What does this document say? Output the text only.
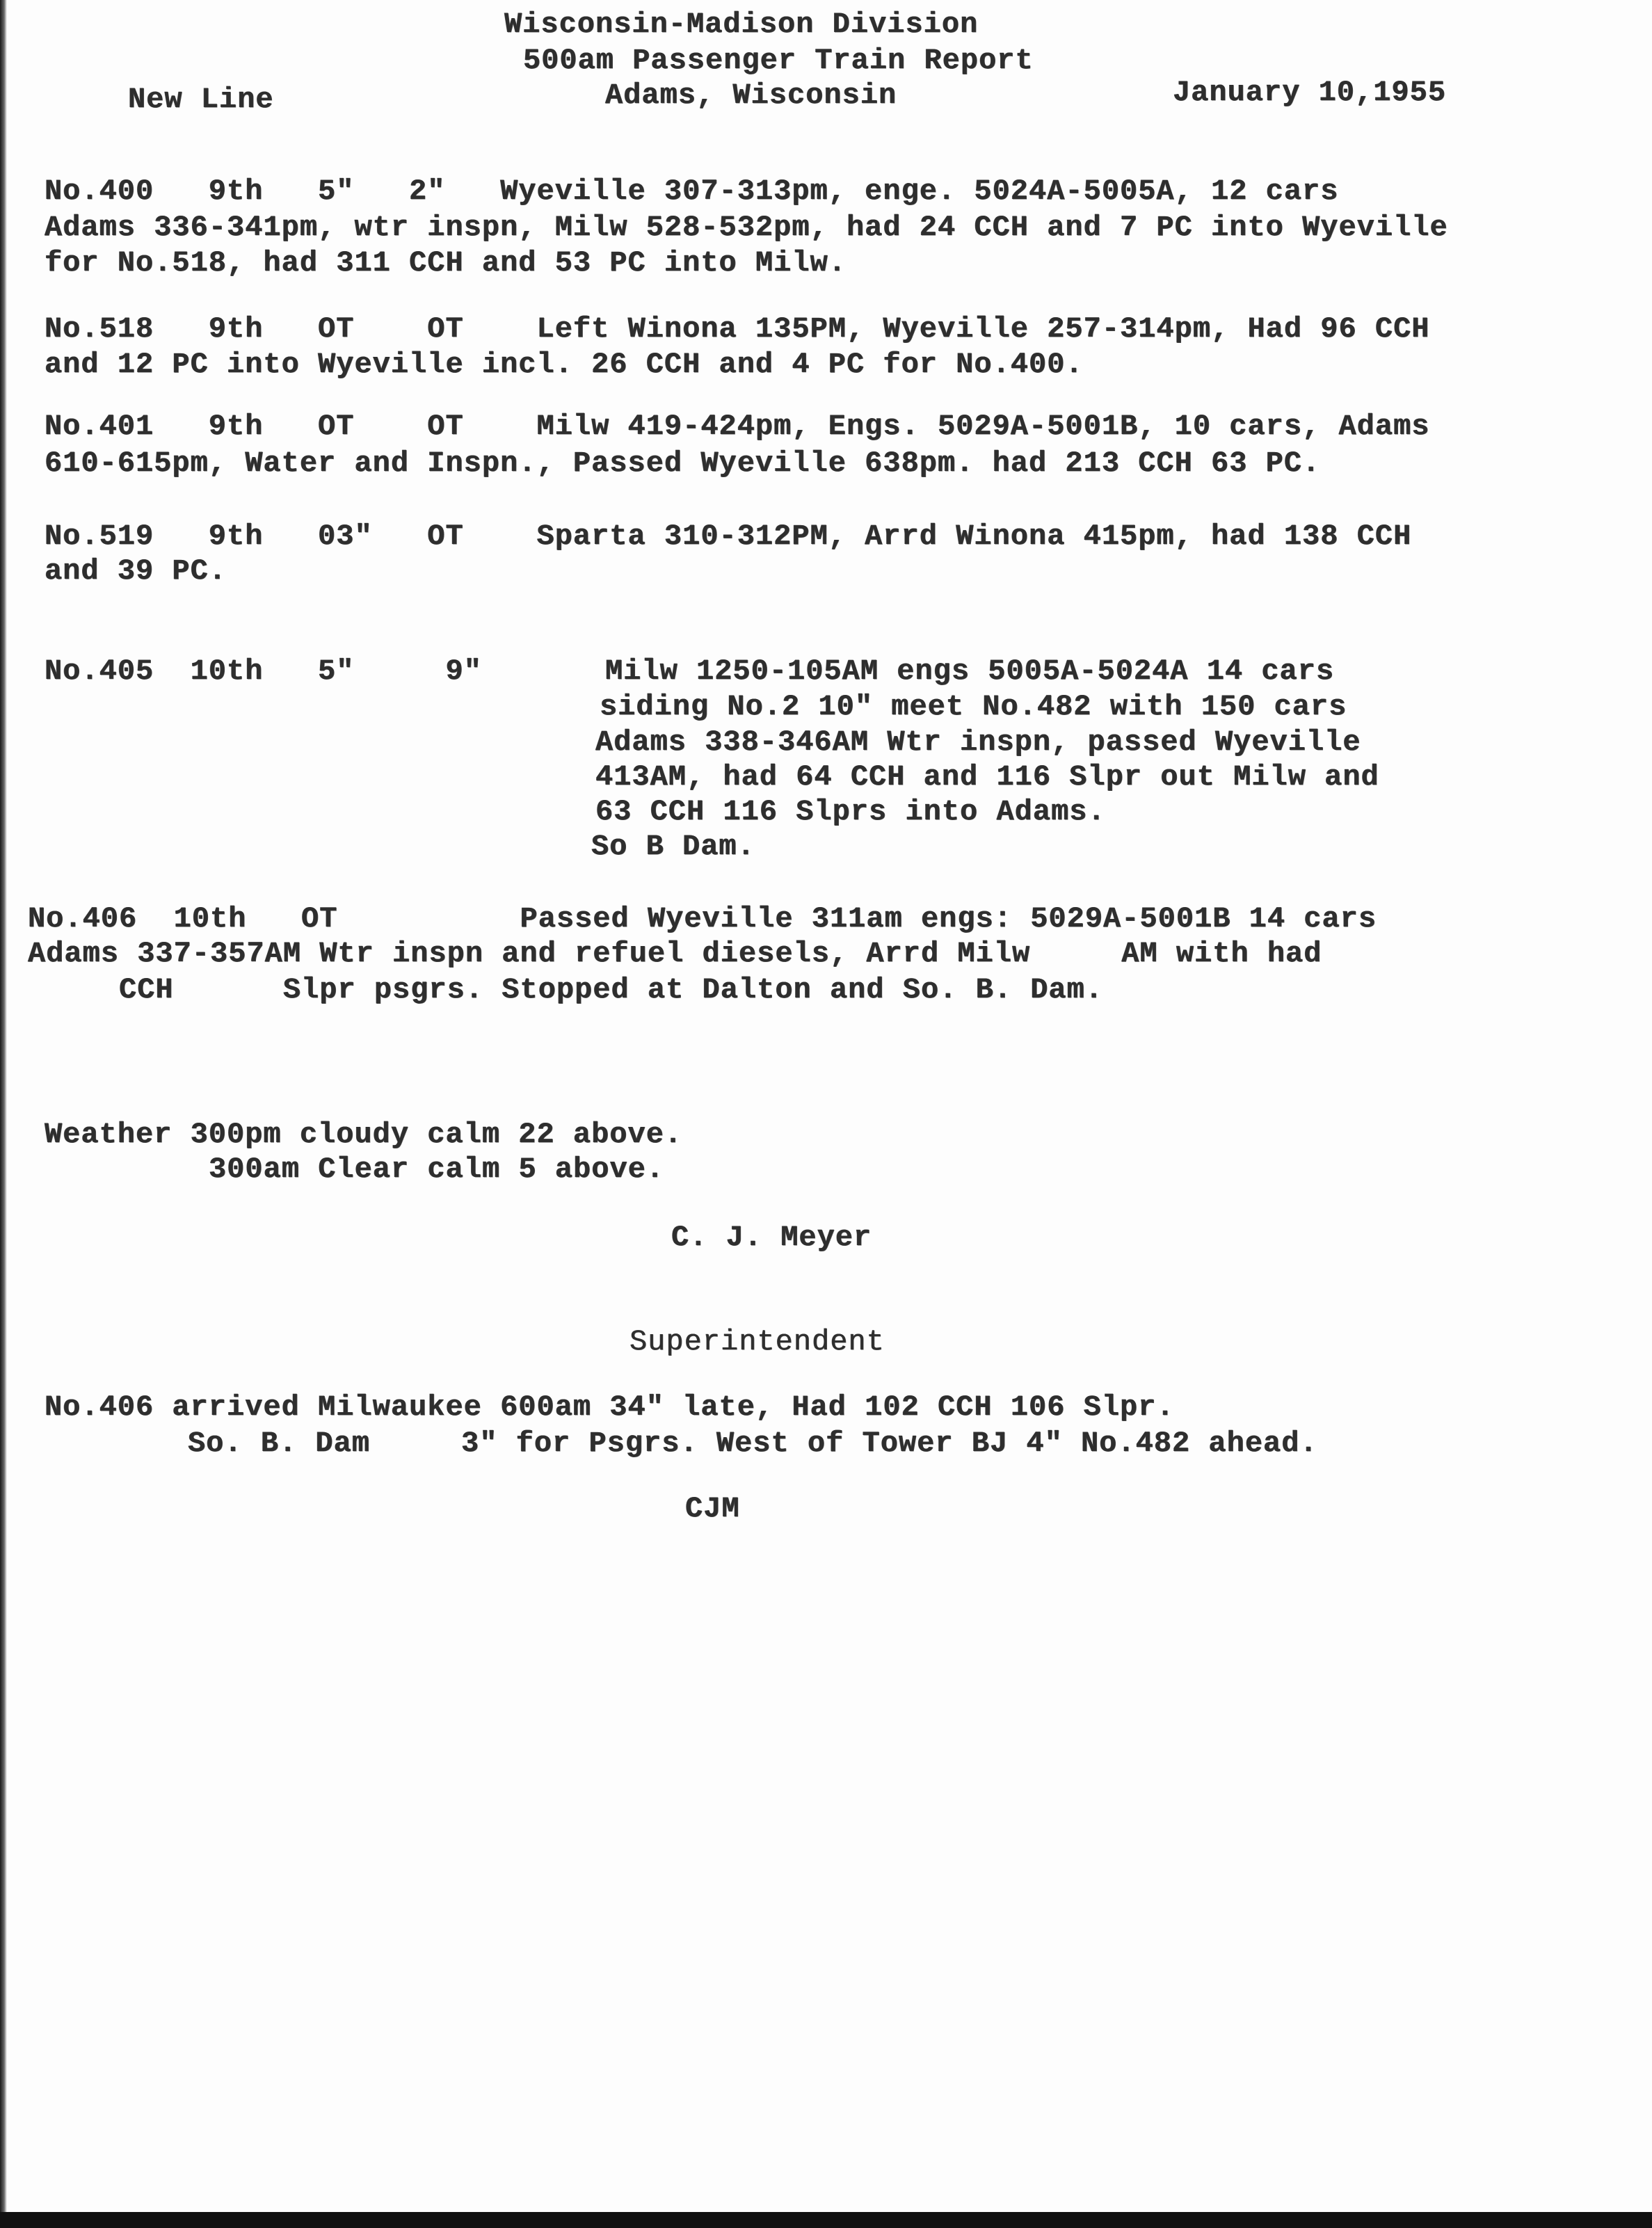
Wisconsin-Madison Division
500am Passenger Train Report
Adams, Wisconsin
New Line	January 10,1955
No.400   9th   5"   2"   Wyeville 307-313pm, enge. 5024A-5005A, 12 cars
Adams 336-341pm, wtr inspn, Milw 528-532pm, had 24 CCH and 7 PC into Wyeville
for No.518, had 311 CCH and 53 PC into Milw.
No.518   9th   OT    OT    Left Winona 135PM, Wyeville 257-314pm, Had 96 CCH
and 12 PC into Wyeville incl. 26 CCH and 4 PC for No.400.
No.401   9th   OT    OT    Milw 419-424pm, Engs. 5029A-5001B, 10 cars, Adams
610-615pm, Water and Inspn., Passed Wyeville 638pm. had 213 CCH 63 PC.
No.519   9th   03"   OT    Sparta 310-312PM, Arrd Winona 415pm, had 138 CCH
and 39 PC.
No.405  10th   5"     9"	Milw 1250-105AM engs 5005A-5024A 14 cars
siding No.2 10" meet No.482 with 150 cars
Adams 338-346AM Wtr inspn, passed Wyeville
413AM, had 64 CCH and 116 Slpr out Milw and
63 CCH 116 Slprs into Adams.
So B Dam.
No.406  10th   OT          Passed Wyeville 311am engs: 5029A-5001B 14 cars
Adams 337-357AM Wtr inspn and refuel diesels, Arrd Milw     AM with had
CCH      Slpr psgrs. Stopped at Dalton and So. B. Dam.
Weather 300pm cloudy calm 22 above.
300am Clear calm 5 above.
C. J. Meyer
Superintendent
No.406 arrived Milwaukee 600am 34" late, Had 102 CCH 106 Slpr.
So. B. Dam     3" for Psgrs. West of Tower BJ 4" No.482 ahead.
CJM
